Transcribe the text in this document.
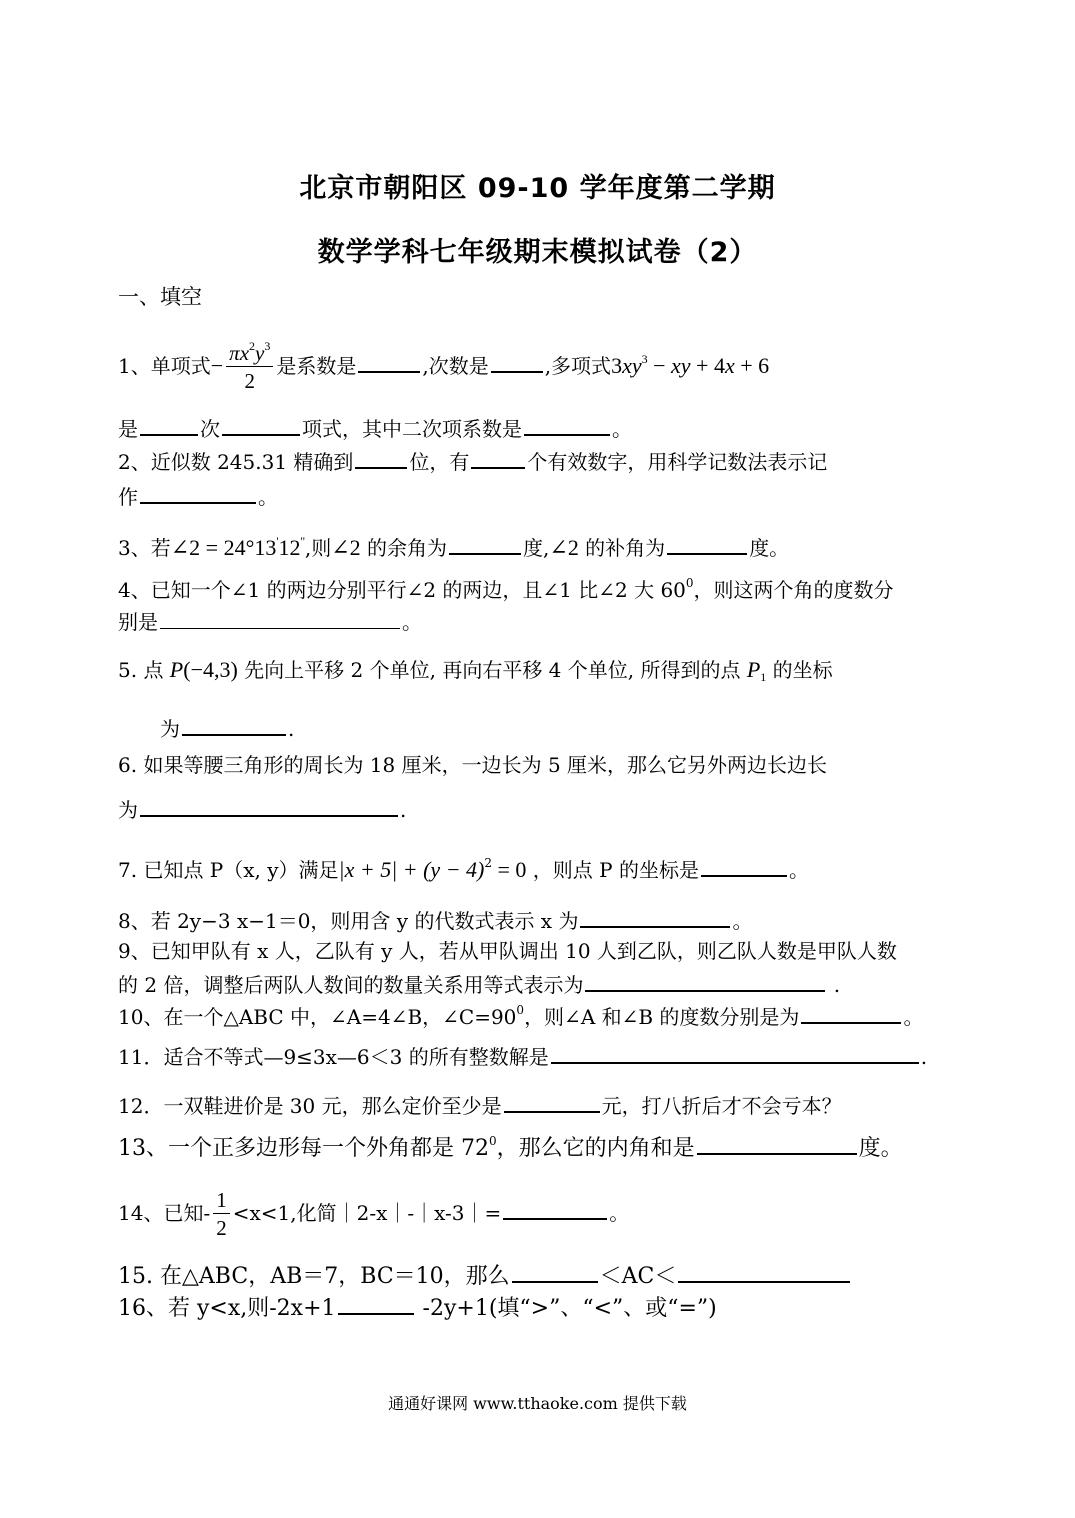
北京市朝阳区 09-10 学年度第二学期
数学学科七年级期末模拟试卷（2）
一、填空
1、单项式− $\frac{\pi x^2y^3}{2}$ 是系数是	,次数是	,多项式$3xy^3$ − xy + 4x + 6
是	次	项式，其中二次项系数是	。
2、近似数 245.31 精确到	位，有	个有效数字，用科学记数法表示记
作	。
3、若∠2 = 24°13'12'',则∠2 的余角为	度,∠2 的补角为	度。
4、已知一个∠1 的两边分别平行∠2 的两边，且∠1 比∠2 大 $60^0$，则这两个角的度数分
别是	。
5. 点 P(−4,3) 先向上平移 2 个单位, 再向右平移 4 个单位, 所得到的点 $P_1$ 的坐标
为	.
6. 如果等腰三角形的周长为 18 厘米，一边长为 5 厘米，那么它另外两边长边长
为	.
7. 已知点 P（x, y）满足$|x + 5| + (y - 4)^2 = 0$ ，则点 P 的坐标是	。
8、若 2y−3 x−1＝0，则用含 y 的代数式表示 x 为	。
9、已知甲队有 x 人，乙队有 y 人，若从甲队调出 10 人到乙队，则乙队人数是甲队人数
的 2 倍，调整后两队人数间的数量关系用等式表示为	.
10、在一个△ABC 中，∠A=4∠B，$\angle C=90^0$，则∠A 和∠B 的度数分别是为	。
11．适合不等式—9≤3x—6＜3 的所有整数解是	.
12．一双鞋进价是 30 元，那么定价至少是	元，打八折后才不会亏本？
13、一个正多边形每一个外角都是 $72^0$，那么它的内角和是	度。
14、已知- $\frac{1}{2} <x<1$,化简｜2-x｜-｜x-3｜=	。
15. 在△ABC，AB＝7，BC＝10，那么	＜AC＜
16、若 y<x,则-2x+1	-2y+1(填“>”、“<”、或“=”)
通通好课网 www.tthaoke.com 提供下载
